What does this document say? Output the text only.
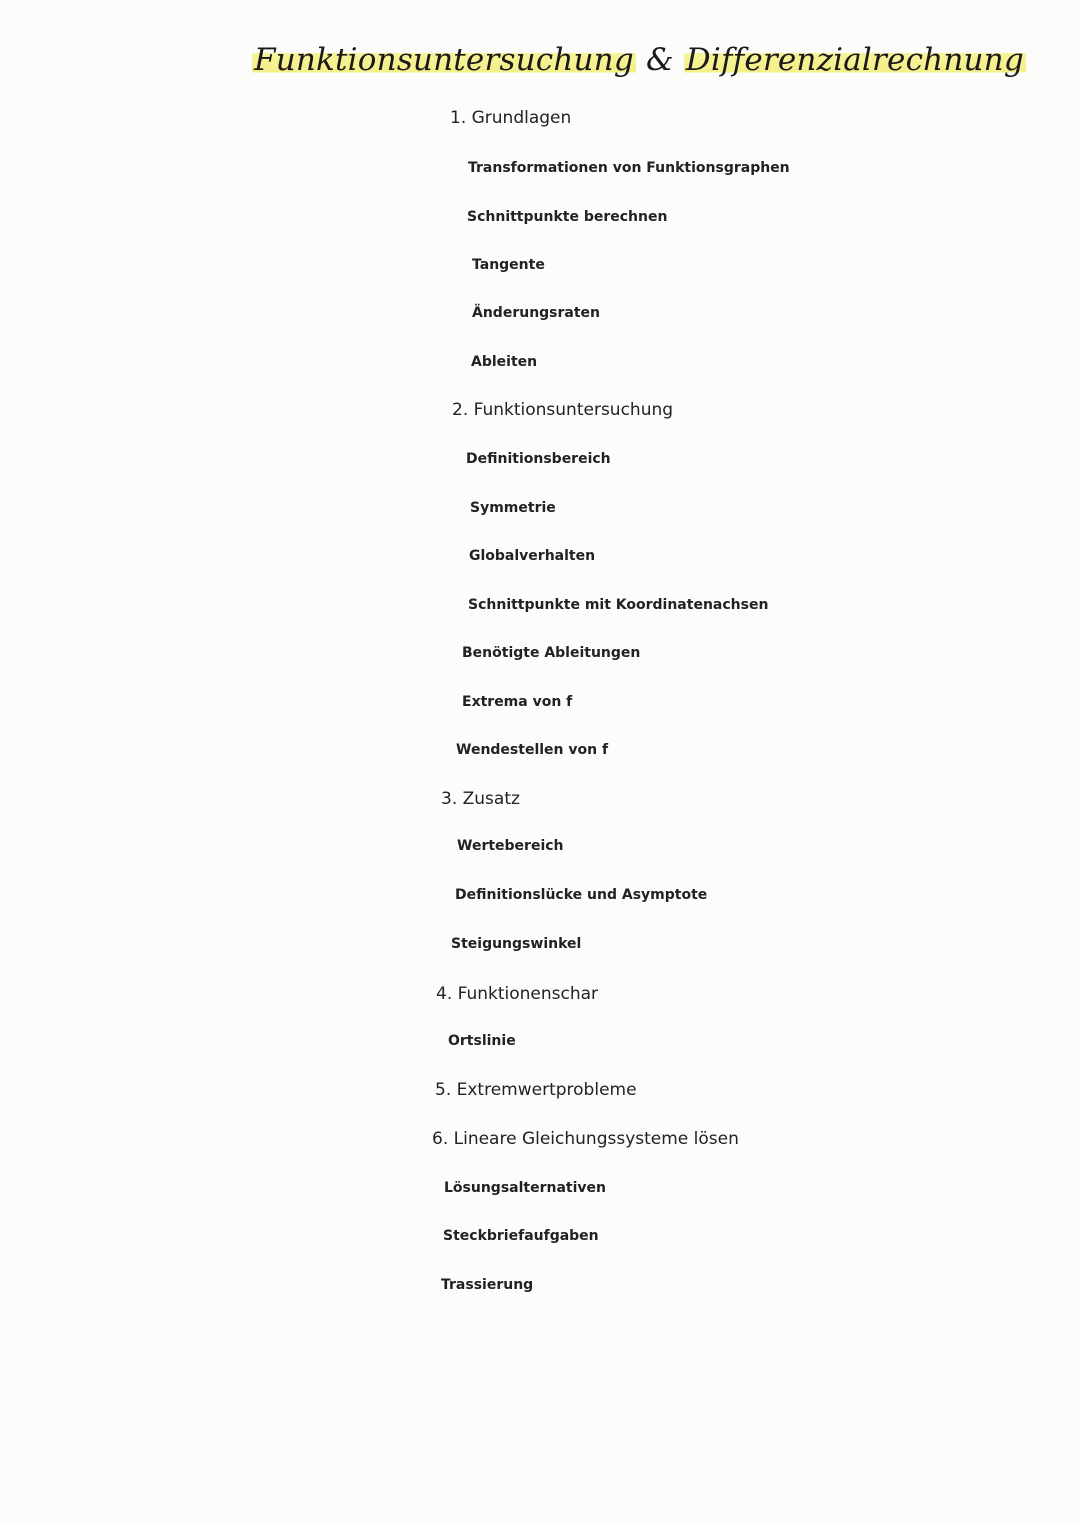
Funktionsuntersuchung & Differenzialrechnung
1. Grundlagen
Transformationen von Funktionsgraphen
Schnittpunkte berechnen
Tangente
Änderungsraten
Ableiten
2. Funktionsuntersuchung
Definitionsbereich
Symmetrie
Globalverhalten
Schnittpunkte mit Koordinatenachsen
Benötigte Ableitungen
Extrema von f
Wendestellen von f
3. Zusatz
Wertebereich
Definitionslücke und Asymptote
Steigungswinkel
4. Funktionenschar
Ortslinie
5. Extremwertprobleme
6. Lineare Gleichungssysteme lösen
Lösungsalternativen
Steckbriefaufgaben
Trassierung
